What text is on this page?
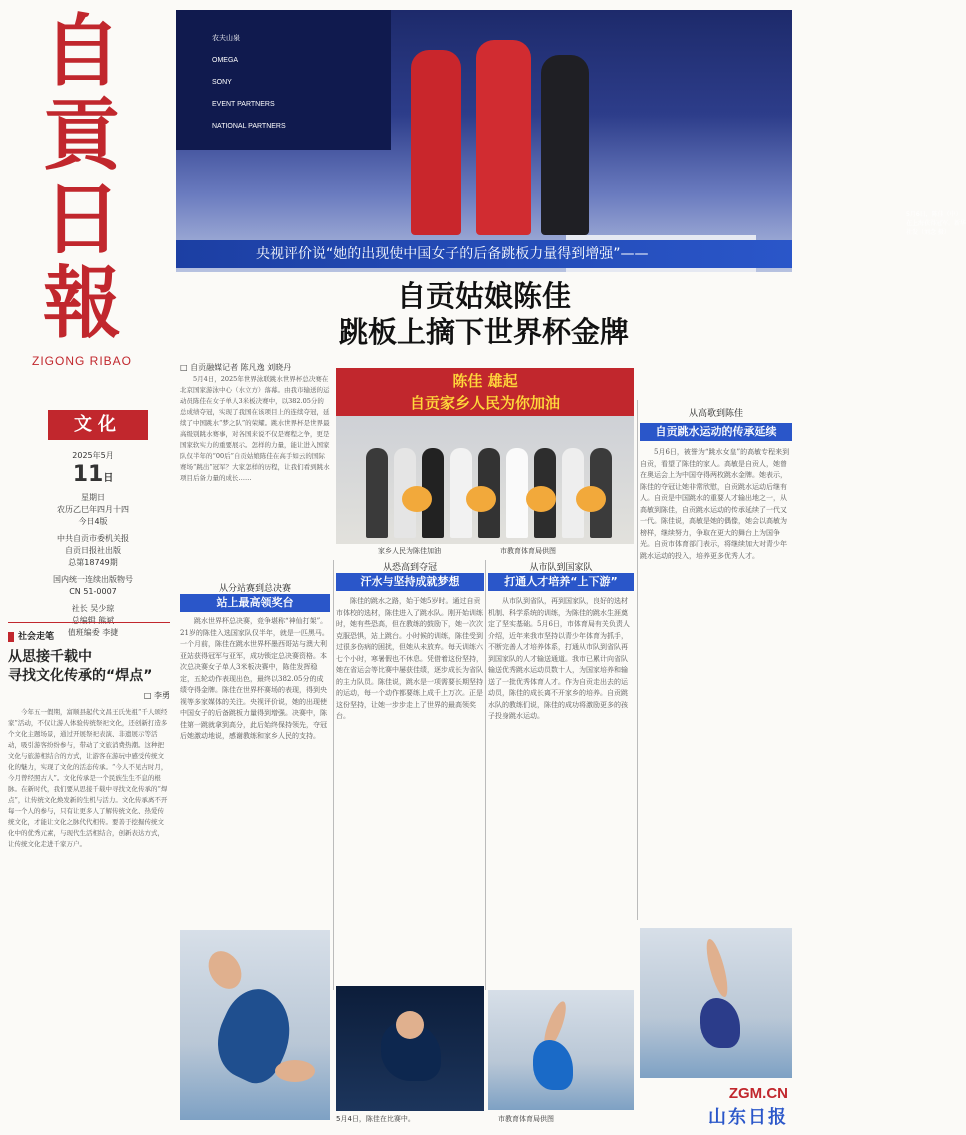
自
貢
日
報
ZIGONG RIBAO
文化

2025年5月

11日

星期日

农历乙巳年四月十四

今日4版

中共自贡市委机关报

自贡日报社出版

总第18749期

国内统一连续出版物号

CN 51-0007

社长 吴少琼

总编辑 熊斌

值班编委 李捷

社会走笔
从思接千载中
寻找文化传承的“焊点”
□ 李勇

今年五一假期，富顺县起代文昌王氏先祖“千人颂经家”活动，不仅让游人体验传统祭祀文化，还创新打造多个文化主题场景，通过开展祭祀表演、非遗展示等活动，吸引游客纷纷参与，带动了文旅消费热潮。这种把文化与旅游相结合的方式，让游客在游玩中感受传统文化的魅力，实现了文化的活态传承。“今人不见古时月，今月曾经照古人”。文化传承是一个民族生生不息的根脉。在新时代，我们要从思接千载中寻找文化传承的“焊点”，让传统文化焕发新的生机与活力。文化传承离不开每一个人的参与，只有让更多人了解传统文化、热爱传统文化，才能让文化之脉代代相传。要善于挖掘传统文化中的优秀元素，与现代生活相结合，创新表达方式，让传统文化走进千家万户。

农夫山泉
OMEGA
SONY
EVENT PARTNERS
NATIONAL PARTNERS
5月6日，陈佳（中）在上海获得冠军。新华社发（刘念 摄）
央视评价说“她的出现使中国女子的后备跳板力量得到增强”——
自贡姑娘陈佳
跳板上摘下世界杯金牌
□ 自贡融媒记者 陈凡逸 刘晓丹

5月4日，2025年世界泳联跳水世界杯总决赛在北京国家游泳中心（水立方）落幕。由我市输送的运动员陈佳在女子单人3米板决赛中，以382.05分的总成绩夺冠，实现了我国在该项目上的连续夺冠，延续了中国跳水“梦之队”的荣耀。跳水世界杯是世界最高级别跳水赛事，对各国来说不仅是赛程之争，更是国家软实力的重要展示。怎样的力量，能让进入国家队仅半年的“00后”自贡姑娘陈佳在高手如云的国际赛场“跳出”冠军？大家怎样的历程，让我们看到跳水项目后备力量的成长……

陈佳 雄起
自贡家乡人民为你加油
家乡人民为陈佳加油	市教育体育局供图
从高歌到陈佳
自贡跳水运动的传承延续

5月6日，被誉为“跳水女皇”的高敏专程来到自贡，看望了陈佳的家人。高敏是自贡人，她曾在奥运会上为中国夺得两枚跳水金牌。她表示，陈佳的夺冠让她非常欣慰，自贡跳水运动后继有人。自贡是中国跳水的重要人才输出地之一，从高敏到陈佳，自贡跳水运动的传承延续了一代又一代。陈佳说，高敏是她的偶像，她会以高敏为榜样，继续努力，争取在更大的舞台上为国争光。自贡市体育部门表示，将继续加大对青少年跳水运动的投入，培养更多优秀人才。

从分站赛到总决赛
站上最高领奖台

跳水世界杯总决赛，竞争堪称“神仙打架”。21岁的陈佳入选国家队仅半年，就是一匹黑马。一个月前，陈佳在跳水世界杯墨西哥站与澳大利亚站获得冠军与亚军，成功锁定总决赛资格。本次总决赛女子单人3米板决赛中，陈佳发挥稳定，五轮动作表现出色，最终以382.05分的成绩夺得金牌。陈佳在世界杯赛场的表现，得到央视等多家媒体的关注。央视评价说，她的出现使中国女子的后备跳板力量得到增强。决赛中，陈佳第一跳就拿到高分，此后始终保持领先，夺冠后她激动地说，感谢教练和家乡人民的支持。

从恐高到夺冠
汗水与坚持成就梦想

陈佳的跳水之路，始于她5岁时。通过自贡市体校的选材，陈佳进入了跳水队。刚开始训练时，她有些恐高，但在教练的鼓励下，她一次次克服恐惧，站上跳台。小时候的训练，陈佳受到过很多伤病的困扰，但她从未放弃。每天训练六七个小时，寒暑假也不休息。凭借着这份坚持，她在省运会等比赛中屡获佳绩，逐步成长为省队的主力队员。陈佳说，跳水是一项需要长期坚持的运动，每一个动作都要练上成千上万次。正是这份坚持，让她一步步走上了世界的最高领奖台。

从市队到国家队
打通人才培养“上下游”

从市队到省队，再到国家队，良好的选材机制、科学系统的训练，为陈佳的跳水生涯奠定了坚实基础。5月6日，市体育局有关负责人介绍，近年来我市坚持以青少年体育为抓手，不断完善人才培养体系，打通从市队到省队再到国家队的人才输送通道。我市已累计向省队输送优秀跳水运动员数十人，为国家培养和输送了一批优秀体育人才。作为自贡走出去的运动员，陈佳的成长离不开家乡的培养。自贡跳水队的教练们说，陈佳的成功将激励更多的孩子投身跳水运动。

5月4日，陈佳在比赛中。	市教育体育局供图
ZGM.CN
山东日报
